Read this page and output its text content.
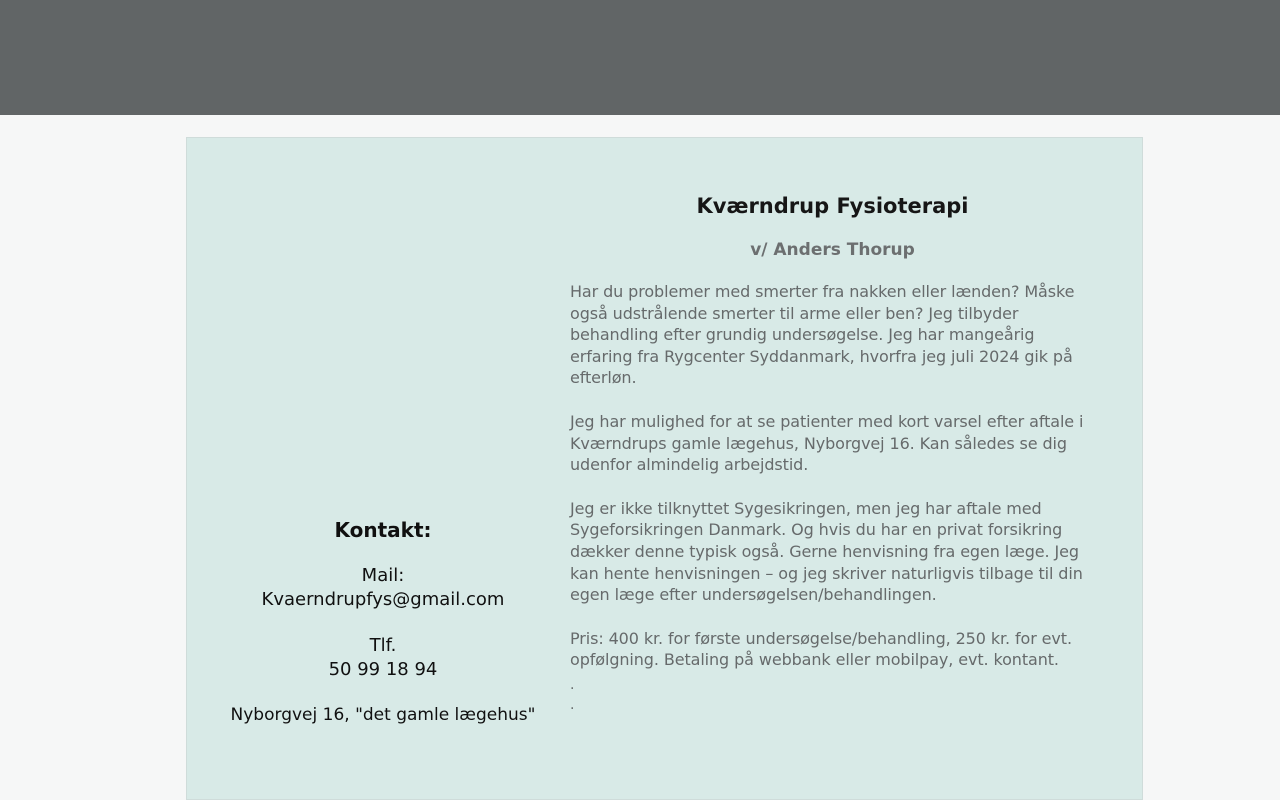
Kontakt:
Mail:
Kvaerndrupfys@gmail.com
Tlf.
50 99 18 94
Nyborgvej 16, "det gamle lægehus"
Kværndrup Fysioterapi
v/ Anders Thorup
Har du problemer med smerter fra nakken eller lænden? Måske også udstrålende smerter til arme eller ben? Jeg tilbyder behandling efter grundig undersøgelse. Jeg har mangeårig erfaring fra Rygcenter Syddanmark, hvorfra jeg juli 2024 gik på efterløn.
Jeg har mulighed for at se patienter med kort varsel efter aftale i Kværndrups gamle lægehus, Nyborgvej 16. Kan således se dig udenfor almindelig arbejdstid.
Jeg er ikke tilknyttet Sygesikringen, men jeg har aftale med Sygeforsikringen Danmark. Og hvis du har en privat forsikring dækker denne typisk også. Gerne henvisning fra egen læge. Jeg kan hente henvisningen – og jeg skriver naturligvis tilbage til din egen læge efter undersøgelsen/behandlingen.
Pris: 400 kr. for første undersøgelse/behandling, 250 kr. for evt. opfølgning. Betaling på webbank eller mobilpay, evt. kontant.
.
.
